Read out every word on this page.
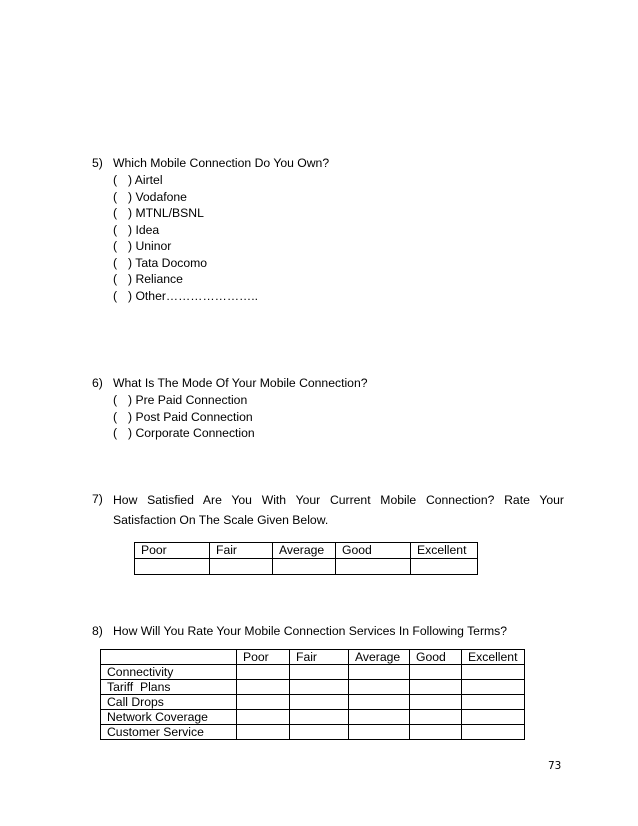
5) Which Mobile Connection Do You Own?
( ) Airtel
( ) Vodafone
( ) MTNL/BSNL
( ) Idea
( ) Uninor
( ) Tata Docomo
( ) Reliance
( ) Other…………………..
6) What Is The Mode Of Your Mobile Connection?
( ) Pre Paid Connection
( ) Post Paid Connection
( ) Corporate Connection
7) How Satisfied Are You With Your Current Mobile Connection? Rate Your
Satisfaction On The Scale Given Below.
Poor	Fair	Average	Good	Excellent

8) How Will You Rate Your Mobile Connection Services In Following Terms?
	Poor	Fair	Average	Good	Excellent
Connectivity					
Tariff  Plans					
Call Drops					
Network Coverage					
Customer Service					
73
